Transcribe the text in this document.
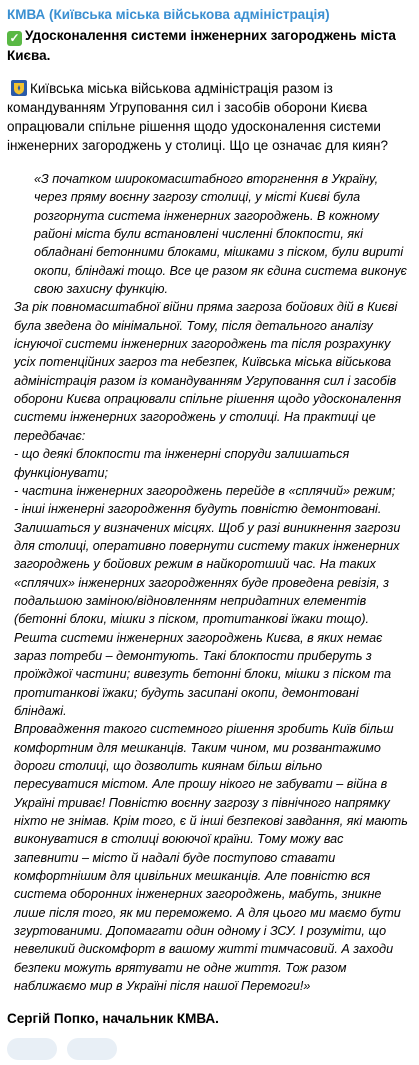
КМВА (Київська міська військова адміністрація)
✓ Удосконалення системи інженерних загороджень міста Києва.
Київська міська військова адміністрація разом із командуванням Угруповання сил і засобів оборони Києва опрацювали спільне рішення щодо удосконалення системи інженерних загороджень у столиці. Що це означає для киян?

«З початком широкомасштабного вторгнення в Україну, через пряму воєнну загрозу столиці, у місті Києві була розгорнута система інженерних загороджень. В кожному районі міста були встановлені численні блокпости, які обладнані бетонними блоками, мішками з піском, були вириті окопи, бліндажі тощо. Все це разом як єдина система виконує свою захисну функцію.

За рік повномасштабної війни пряма загроза бойових дій в Києві була зведена до мінімальної. Тому, після детального аналізу існуючої системи інженерних загороджень та після розрахунку усіх потенційних загроз та небезпек, Київська міська військова адміністрація разом із командуванням Угруповання сил і засобів оборони Києва опрацювали спільне рішення щодо удосконалення системи інженерних загороджень у столиці. На практиці це передбачає:

- що деякі блокпости та інженерні споруди залишаться функціонувати;

- частина інженерних загороджень перейде в «сплячий» режим;

- інші інженерні загородження будуть повністю демонтовані.

Залишаться у визначених місцях. Щоб у разі виникнення загрози для столиці, оперативно повернути систему таких інженерних загороджень у бойових режим в найкоротший час. На таких «сплячих» інженерних загородженнях буде проведена ревізія, з подальшою заміною/відновленням непридатних елементів (бетонні блоки, мішки з піском, протитанкові їжаки тощо).

Решта системи інженерних загороджень Києва, в яких немає зараз потреби – демонтують. Такі блокпости приберуть з проїжджої частини; вивезуть бетонні блоки, мішки з піском та протитанкові їжаки; будуть засипані окопи, демонтовані бліндажі.

Впровадження такого системного рішення зробить Київ більш комфортним для мешканців. Таким чином, ми розвантажимо дороги столиці, що дозволить киянам більш вільно пересуватися містом. Але прошу нікого не забувати – війна в Україні триває! Повністю воєнну загрозу з північного напрямку ніхто не знімав. Крім того, є й інші безпекові завдання, які мають виконуватися в столиці воюючої країни. Тому можу вас запевнити – місто й надалі буде поступово ставати комфортнішим для цивільних мешканців. Але повністю вся система оборонних інженерних загороджень, мабуть, зникне лише після того, як ми переможемо. А для цього ми маємо бути згуртованими. Допомагати один одному і ЗСУ. І розуміти, що невеликий дискомфорт в вашому житті тимчасовий. А заходи безпеки можуть врятувати не одне життя. Тож разом наближаємо мир в Україні після нашої Перемоги!»

Сергій Попко, начальник КМВА.
